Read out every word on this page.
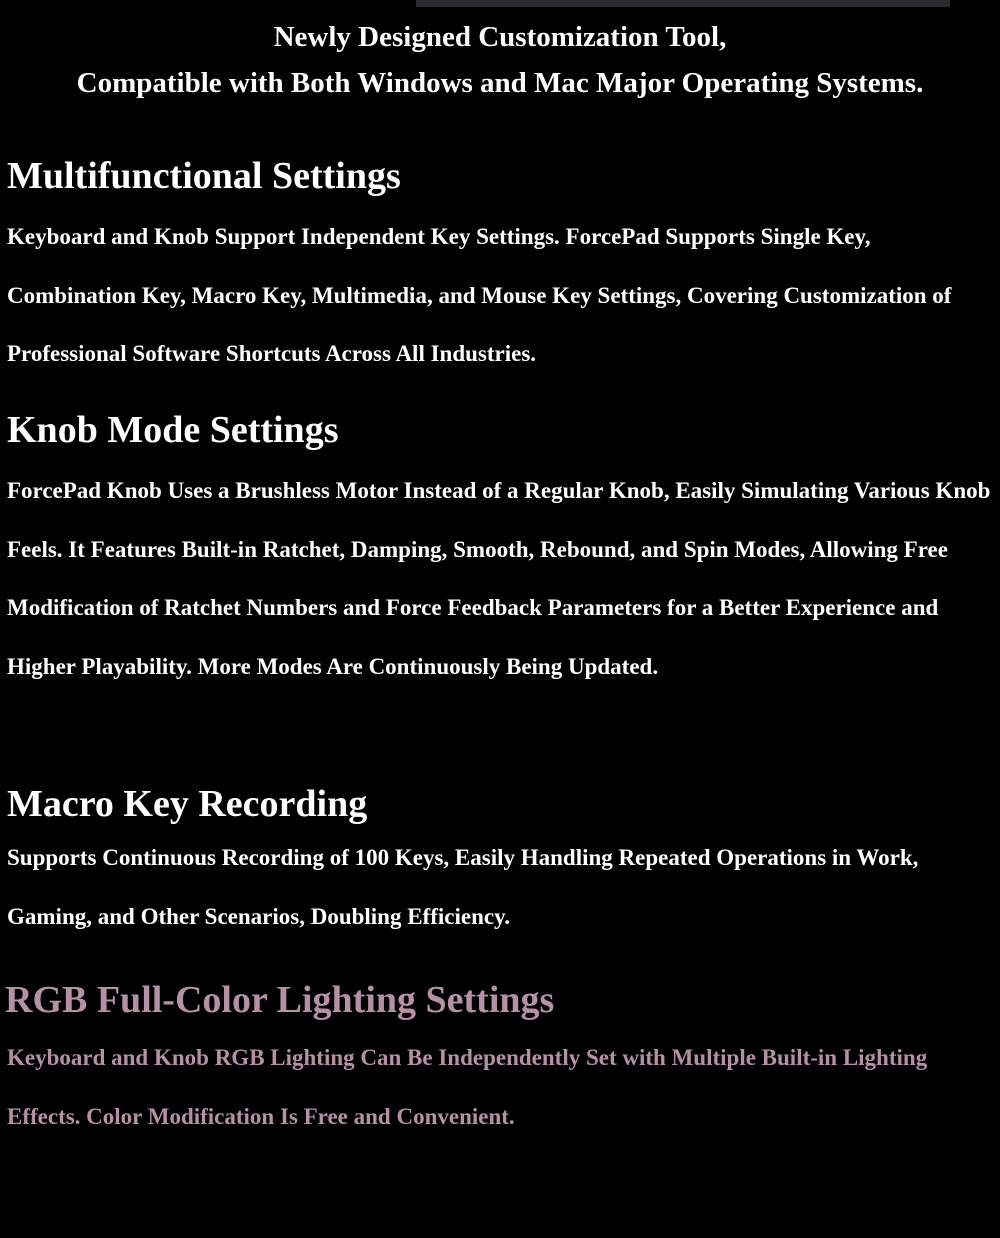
Newly Designed Customization Tool,
Compatible with Both Windows and Mac Major Operating Systems.
Multifunctional Settings

Keyboard and Knob Support Independent Key Settings. ForcePad Supports Single Key, Combination Key, Macro Key, Multimedia, and Mouse Key Settings, Covering Customization of Professional Software Shortcuts Across All Industries.

Knob Mode Settings

ForcePad Knob Uses a Brushless Motor Instead of a Regular Knob, Easily Simulating Various Knob Feels. It Features Built-in Ratchet, Damping, Smooth, Rebound, and Spin Modes, Allowing Free Modification of Ratchet Numbers and Force Feedback Parameters for a Better Experience and Higher Playability. More Modes Are Continuously Being Updated.

Macro Key Recording

Supports Continuous Recording of 100 Keys, Easily Handling Repeated Operations in Work, Gaming, and Other Scenarios, Doubling Efficiency.

RGB Full-Color Lighting Settings

Keyboard and Knob RGB Lighting Can Be Independently Set with Multiple Built-in Lighting Effects. Color Modification Is Free and Convenient.
